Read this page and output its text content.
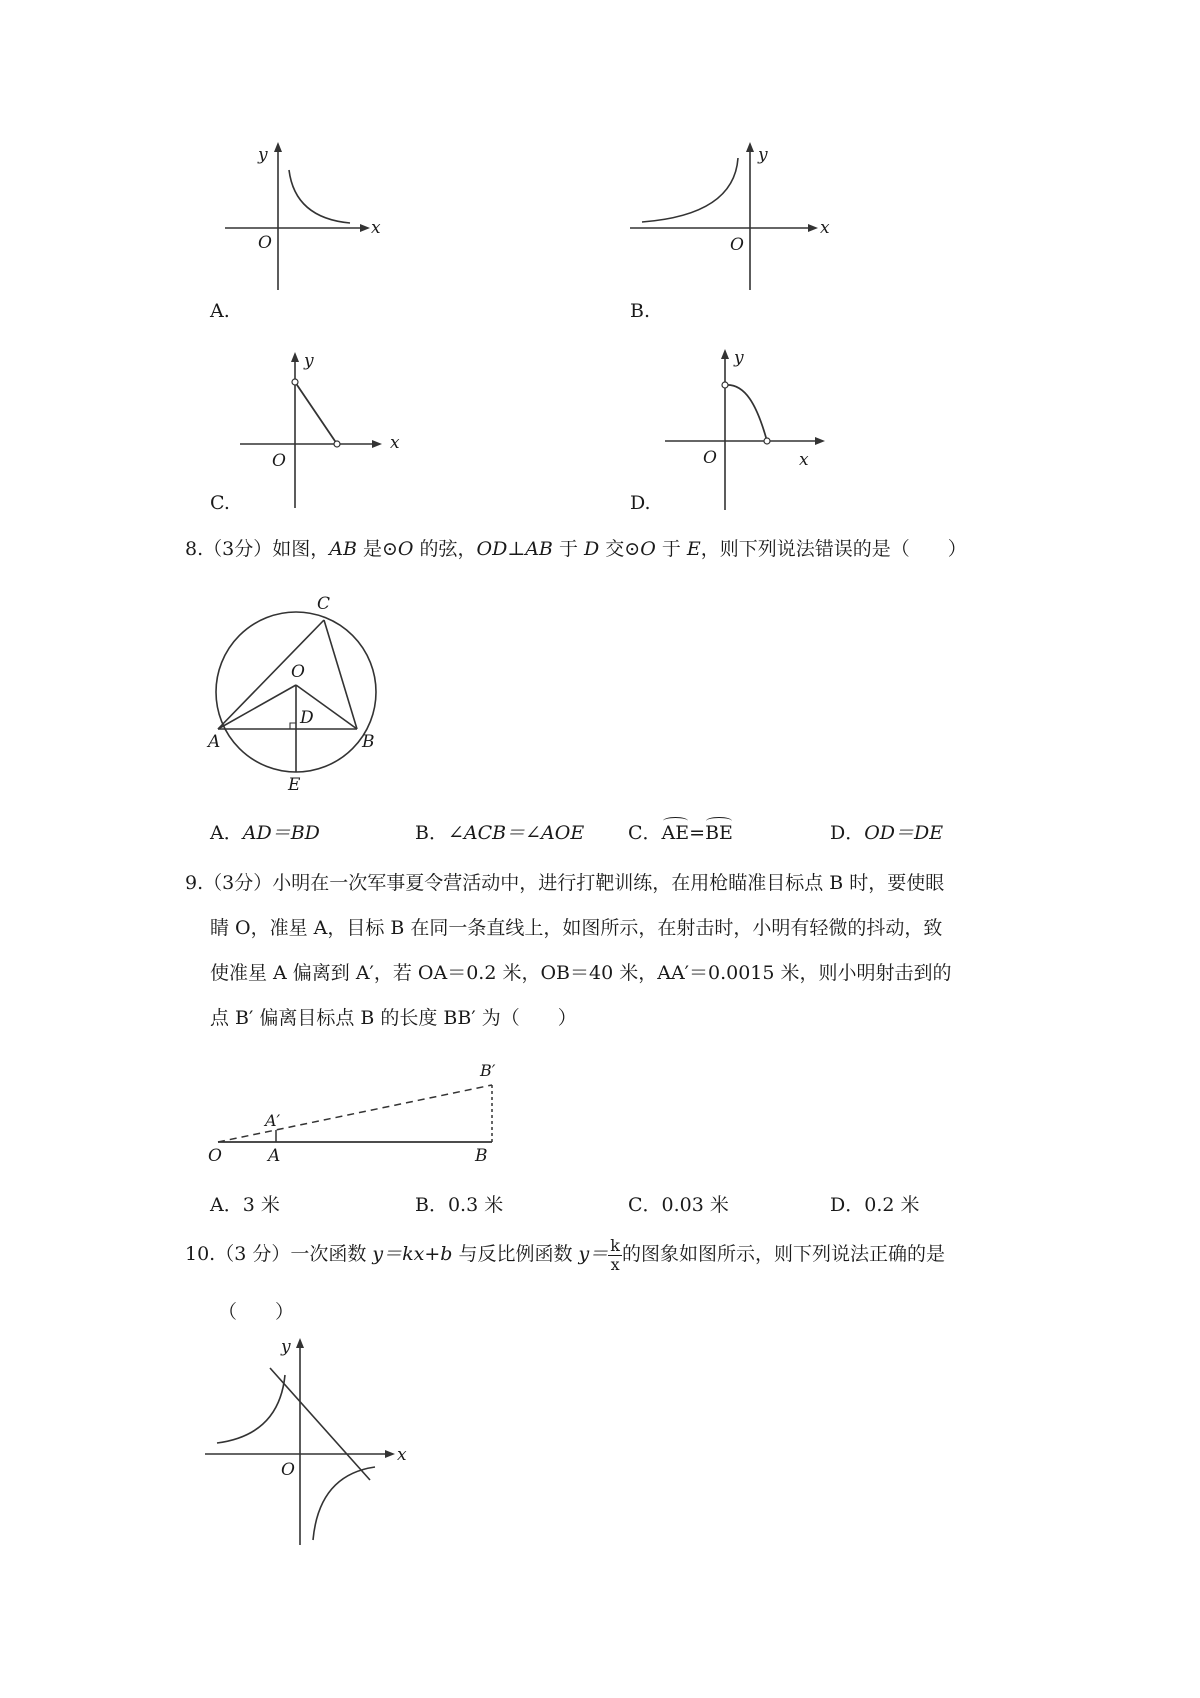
x
y
O
A.
x
y
O
B.
x
y
O
C.
x
y
O
D.
8.（3分）如图，AB 是⊙O 的弦，OD⊥AB 于 D 交⊙O 于 E，则下列说法错误的是（　　）
A	B
C
O
D
E
A．AD＝BD	B．∠ACB＝∠AOE C．AE=BE	D．OD＝DE
9.（3分）小明在一次军事夏令营活动中，进行打靶训练，在用枪瞄准目标点 B 时，要使眼
睛 O，准星 A，目标 B 在同一条直线上，如图所示，在射击时，小明有轻微的抖动，致
使准星 A 偏离到 A′，若 OA＝0.2 米，OB＝40 米，AA′＝0.0015 米，则小明射击到的
点 B′ 偏离目标点 B 的长度 BB′ 为（　　）
O	A
A′
B
B′
A．3 米	B．0.3 米	C．0.03 米	D．0.2 米
10.（3 分）一次函数 y＝kx+b 与反比例函数 $y= \frac{k}{x}$ 的图象如图所示，则下列说法正确的是
（　　）
x
y
O
